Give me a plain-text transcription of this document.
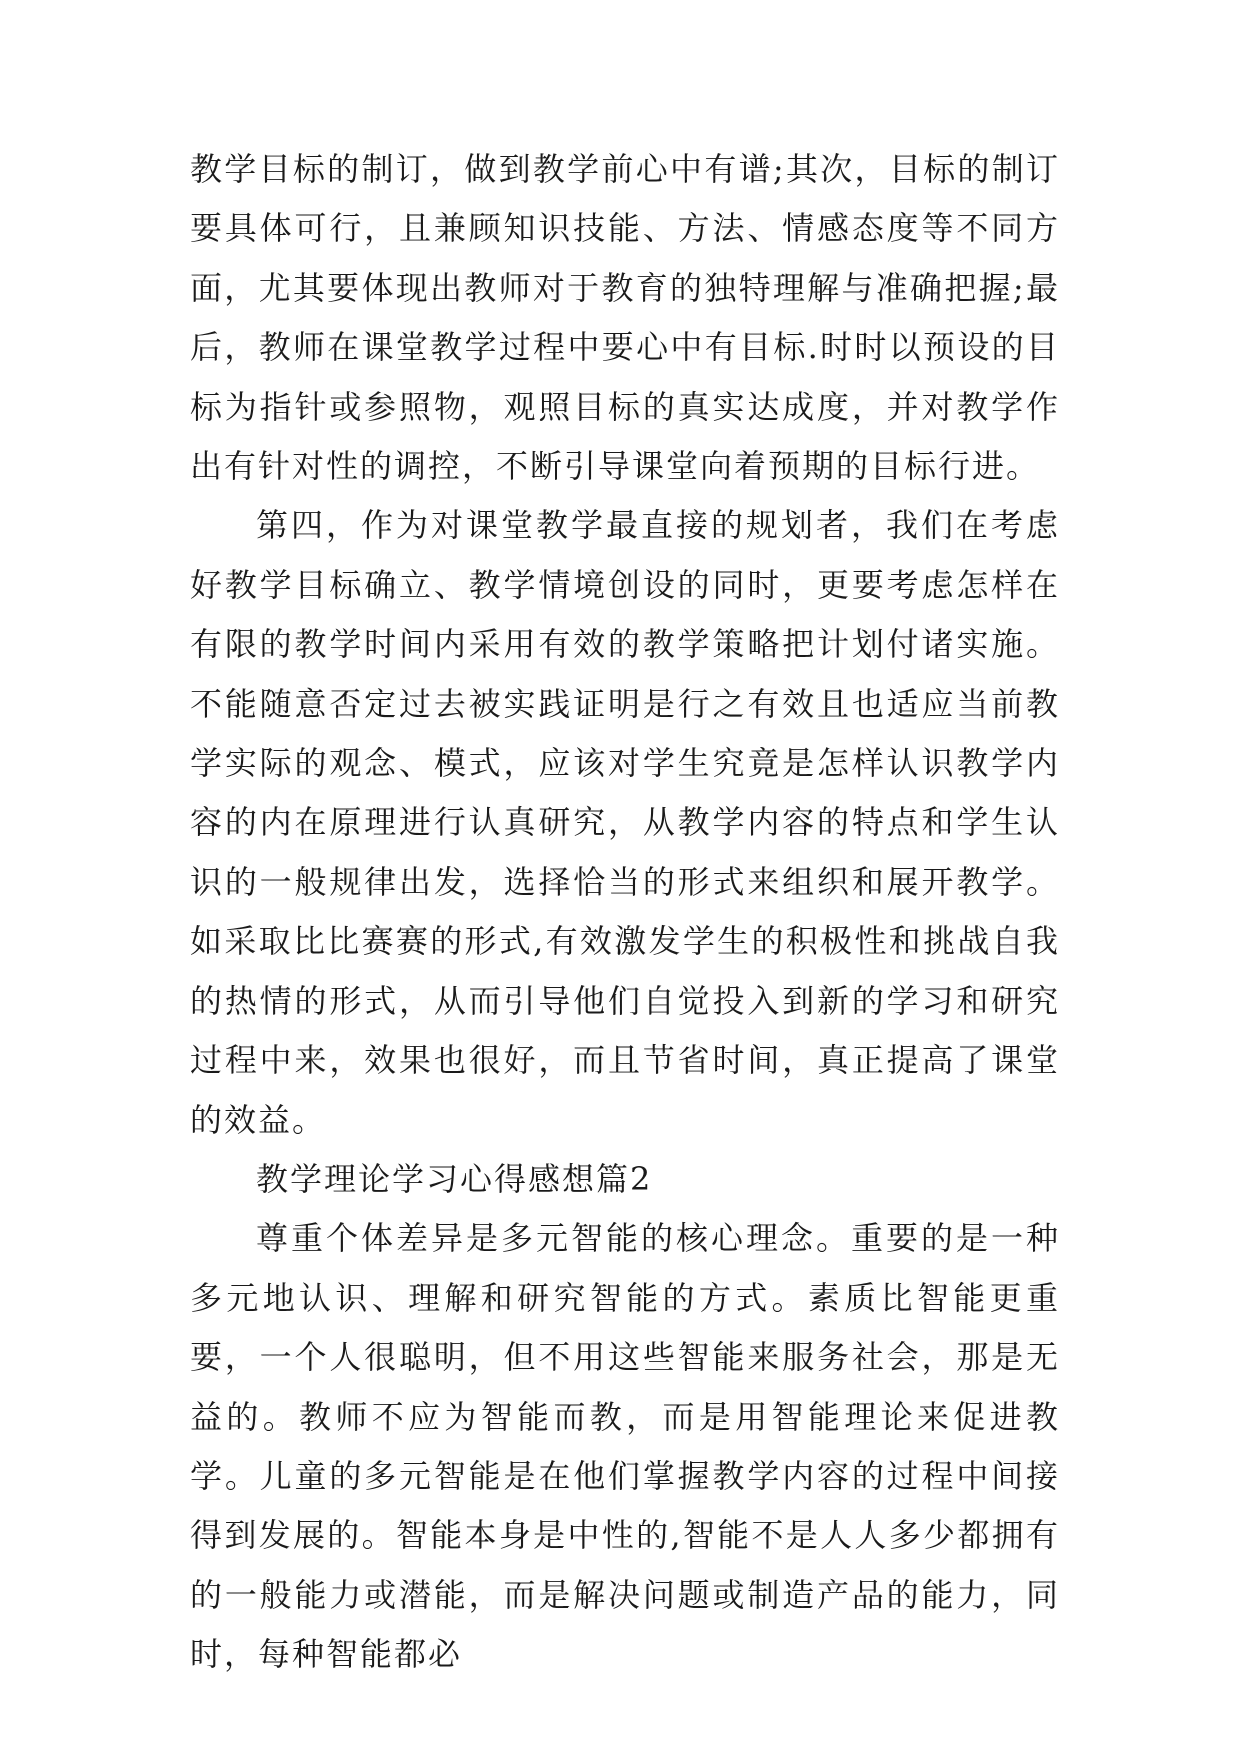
教学目标的制订，做到教学前心中有谱;其次，目标的制订要具体可行，且兼顾知识技能、方法、情感态度等不同方面，尤其要体现出教师对于教育的独特理解与准确把握;最后，教师在课堂教学过程中要心中有目标.时时以预设的目标为指针或参照物，观照目标的真实达成度，并对教学作出有针对性的调控，不断引导课堂向着预期的目标行进。

第四，作为对课堂教学最直接的规划者，我们在考虑好教学目标确立、教学情境创设的同时，更要考虑怎样在有限的教学时间内采用有效的教学策略把计划付诸实施。不能随意否定过去被实践证明是行之有效且也适应当前教学实际的观念、模式，应该对学生究竟是怎样认识教学内容的内在原理进行认真研究，从教学内容的特点和学生认识的一般规律出发，选择恰当的形式来组织和展开教学。如采取比比赛赛的形式,有效激发学生的积极性和挑战自我的热情的形式，从而引导他们自觉投入到新的学习和研究过程中来，效果也很好，而且节省时间，真正提高了课堂的效益。

教学理论学习心得感想篇2

尊重个体差异是多元智能的核心理念。重要的是一种多元地认识、理解和研究智能的方式。素质比智能更重要，一个人很聪明，但不用这些智能来服务社会，那是无益的。教师不应为智能而教，而是用智能理论来促进教学。儿童的多元智能是在他们掌握教学内容的过程中间接得到发展的。智能本身是中性的,智能不是人人多少都拥有的一般能力或潜能，而是解决问题或制造产品的能力，同时，每种智能都必
